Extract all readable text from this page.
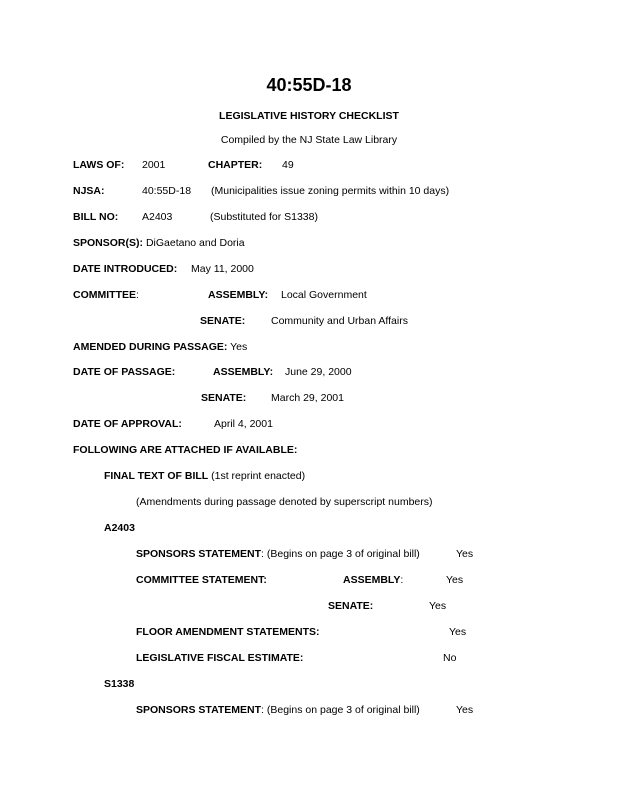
40:55D-18
LEGISLATIVE HISTORY CHECKLIST
Compiled by the NJ State Law Library
LAWS OF: 2001	CHAPTER: 49
NJSA:	40:55D-18 (Municipalities issue zoning permits within 10 days)
BILL NO: A2403	(Substituted for S1338)
SPONSOR(S): DiGaetano and Doria
DATE INTRODUCED: May 11, 2000
COMMITTEE:	ASSEMBLY: Local Government
SENATE: Community and Urban Affairs
AMENDED DURING PASSAGE: Yes
DATE OF PASSAGE:	ASSEMBLY: June 29, 2000
SENATE: March 29, 2001
DATE OF APPROVAL:	April 4, 2001
FOLLOWING ARE ATTACHED IF AVAILABLE:
FINAL TEXT OF BILL (1st reprint enacted)
(Amendments during passage denoted by superscript numbers)
A2403
SPONSORS STATEMENT: (Begins on page 3 of original bill)	Yes
COMMITTEE STATEMENT:	ASSEMBLY:	Yes
SENATE:	Yes
FLOOR AMENDMENT STATEMENTS:	Yes
LEGISLATIVE FISCAL ESTIMATE:	No
S1338
SPONSORS STATEMENT: (Begins on page 3 of original bill)	Yes
